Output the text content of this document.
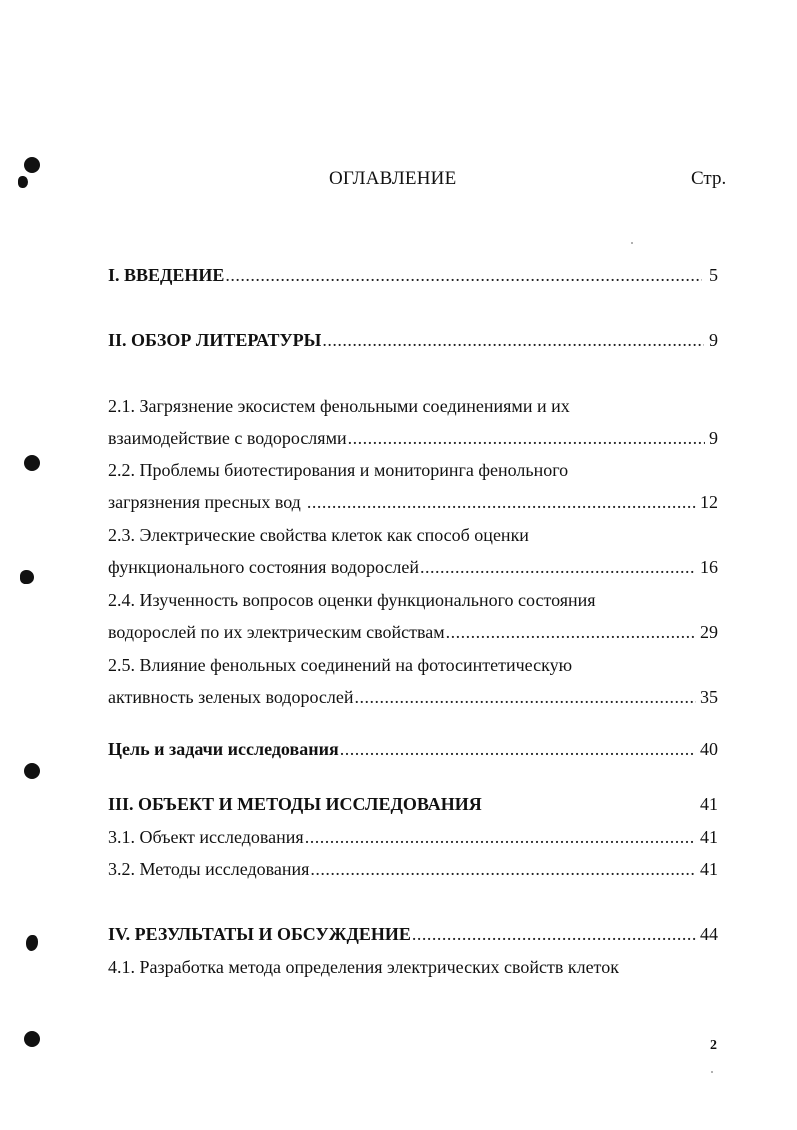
ОГЛАВЛЕНИЕ	Стр.
I. ВВЕДЕНИЕ .....	5
II. ОБЗОР ЛИТЕРАТУРЫ .....	9
2.1. Загрязнение экосистем фенольными соединениями и их
взаимодействие с водорослями .....	9
2.2. Проблемы биотестирования и мониторинга фенольного
загрязнения пресных вод .....	12
2.3. Электрические свойства клеток как способ оценки
функционального состояния водорослей .....	16
2.4. Изученность вопросов оценки функционального состояния
водорослей по их электрическим свойствам .....	29
2.5. Влияние фенольных соединений на фотосинтетическую
активность зеленых водорослей .....	35
Цель и задачи исследования .....	40
III. ОБЪЕКТ И МЕТОДЫ ИССЛЕДОВАНИЯ	41
3.1. Объект исследования .....	41
3.2. Методы исследования .....	41
IV. РЕЗУЛЬТАТЫ И ОБСУЖДЕНИЕ .....	44
4.1. Разработка метода определения электрических свойств клеток
2
